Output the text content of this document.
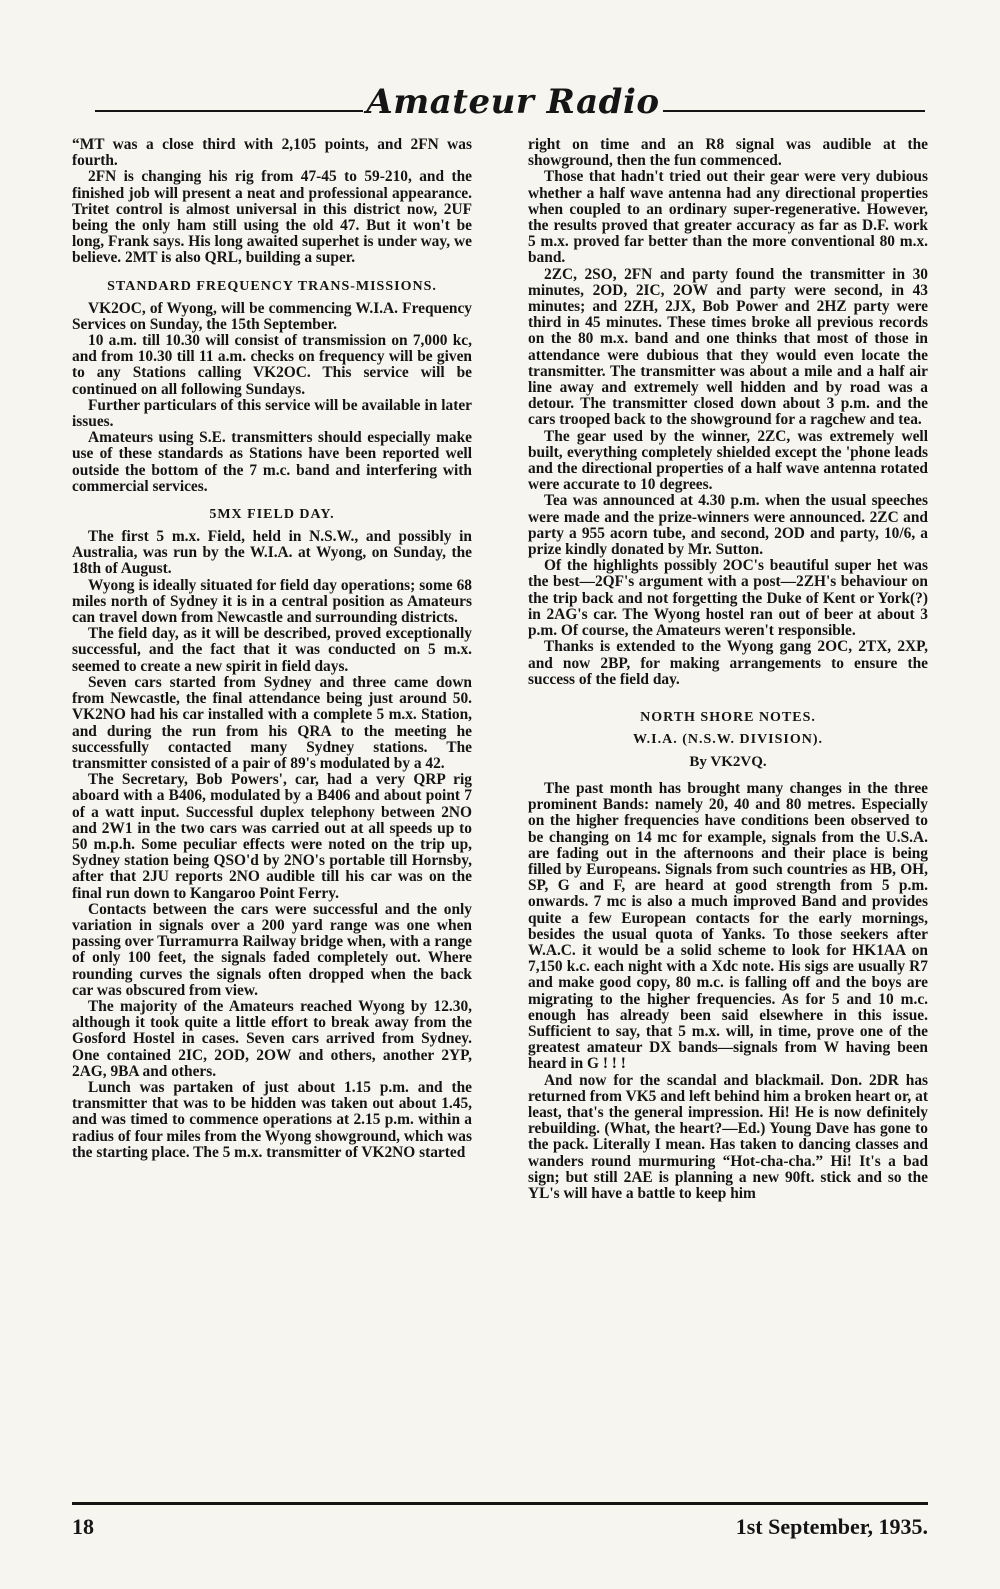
Amateur Radio

“MT was a close third with 2,105 points, and 2FN was fourth.

2FN is changing his rig from 47-45 to 59-210, and the finished job will present a neat and professional appearance. Tritet control is almost universal in this district now, 2UF being the only ham still using the old 47. But it won't be long, Frank says. His long awaited superhet is under way, we believe. 2MT is also QRL, building a super.

STANDARD FREQUENCY TRANS-MISSIONS.

VK2OC, of Wyong, will be commencing W.I.A. Frequency Services on Sunday, the 15th September.

10 a.m. till 10.30 will consist of transmission on 7,000 kc, and from 10.30 till 11 a.m. checks on frequency will be given to any Stations calling VK2OC. This service will be continued on all following Sundays.

Further particulars of this service will be available in later issues.

Amateurs using S.E. transmitters should especially make use of these standards as Stations have been reported well outside the bottom of the 7 m.c. band and interfering with commercial services.

5MX FIELD DAY.

The first 5 m.x. Field, held in N.S.W., and possibly in Australia, was run by the W.I.A. at Wyong, on Sunday, the 18th of August.

Wyong is ideally situated for field day operations; some 68 miles north of Sydney it is in a central position as Amateurs can travel down from Newcastle and surrounding districts.

The field day, as it will be described, proved exceptionally successful, and the fact that it was conducted on 5 m.x. seemed to create a new spirit in field days.

Seven cars started from Sydney and three came down from Newcastle, the final attendance being just around 50. VK2NO had his car installed with a complete 5 m.x. Station, and during the run from his QRA to the meeting he successfully contacted many Sydney stations. The transmitter consisted of a pair of 89's modulated by a 42.

The Secretary, Bob Powers', car, had a very QRP rig aboard with a B406, modulated by a B406 and about point 7 of a watt input. Successful duplex telephony between 2NO and 2W1 in the two cars was carried out at all speeds up to 50 m.p.h. Some peculiar effects were noted on the trip up, Sydney station being QSO'd by 2NO's portable till Hornsby, after that 2JU reports 2NO audible till his car was on the final run down to Kangaroo Point Ferry.

Contacts between the cars were successful and the only variation in signals over a 200 yard range was one when passing over Turramurra Railway bridge when, with a range of only 100 feet, the signals faded completely out. Where rounding curves the signals often dropped when the back car was obscured from view.

The majority of the Amateurs reached Wyong by 12.30, although it took quite a little effort to break away from the Gosford Hostel in cases. Seven cars arrived from Sydney. One contained 2IC, 2OD, 2OW and others, another 2YP, 2AG, 9BA and others.

Lunch was partaken of just about 1.15 p.m. and the transmitter that was to be hidden was taken out about 1.45, and was timed to commence operations at 2.15 p.m. within a radius of four miles from the Wyong showground, which was the starting place. The 5 m.x. transmitter of VK2NO started

right on time and an R8 signal was audible at the showground, then the fun commenced.

Those that hadn't tried out their gear were very dubious whether a half wave antenna had any directional properties when coupled to an ordinary super-regenerative. However, the results proved that greater accuracy as far as D.F. work 5 m.x. proved far better than the more conventional 80 m.x. band.

2ZC, 2SO, 2FN and party found the transmitter in 30 minutes, 2OD, 2IC, 2OW and party were second, in 43 minutes; and 2ZH, 2JX, Bob Power and 2HZ party were third in 45 minutes. These times broke all previous records on the 80 m.x. band and one thinks that most of those in attendance were dubious that they would even locate the transmitter. The transmitter was about a mile and a half air line away and extremely well hidden and by road was a detour. The transmitter closed down about 3 p.m. and the cars trooped back to the showground for a ragchew and tea.

The gear used by the winner, 2ZC, was extremely well built, everything completely shielded except the 'phone leads and the directional properties of a half wave antenna rotated were accurate to 10 degrees.

Tea was announced at 4.30 p.m. when the usual speeches were made and the prize-winners were announced. 2ZC and party a 955 acorn tube, and second, 2OD and party, 10/6, a prize kindly donated by Mr. Sutton.

Of the highlights possibly 2OC's beautiful super het was the best—2QF's argument with a post—2ZH's behaviour on the trip back and not forgetting the Duke of Kent or York(?) in 2AG's car. The Wyong hostel ran out of beer at about 3 p.m. Of course, the Amateurs weren't responsible.

Thanks is extended to the Wyong gang 2OC, 2TX, 2XP, and now 2BP, for making arrangements to ensure the success of the field day.

NORTH SHORE NOTES.
W.I.A. (N.S.W. DIVISION).
By VK2VQ.

The past month has brought many changes in the three prominent Bands: namely 20, 40 and 80 metres. Especially on the higher frequencies have conditions been observed to be changing on 14 mc for example, signals from the U.S.A. are fading out in the afternoons and their place is being filled by Europeans. Signals from such countries as HB, OH, SP, G and F, are heard at good strength from 5 p.m. onwards. 7 mc is also a much improved Band and provides quite a few European contacts for the early mornings, besides the usual quota of Yanks. To those seekers after W.A.C. it would be a solid scheme to look for HK1AA on 7,150 k.c. each night with a Xdc note. His sigs are usually R7 and make good copy, 80 m.c. is falling off and the boys are migrating to the higher frequencies. As for 5 and 10 m.c. enough has already been said elsewhere in this issue. Sufficient to say, that 5 m.x. will, in time, prove one of the greatest amateur DX bands—signals from W having been heard in G ! ! !

And now for the scandal and blackmail. Don. 2DR has returned from VK5 and left behind him a broken heart or, at least, that's the general impression. Hi! He is now definitely rebuilding. (What, the heart?—Ed.) Young Dave has gone to the pack. Literally I mean. Has taken to dancing classes and wanders round murmuring “Hot-cha-cha.” Hi! It's a bad sign; but still 2AE is planning a new 90ft. stick and so the YL's will have a battle to keep him

18	1st September, 1935.
